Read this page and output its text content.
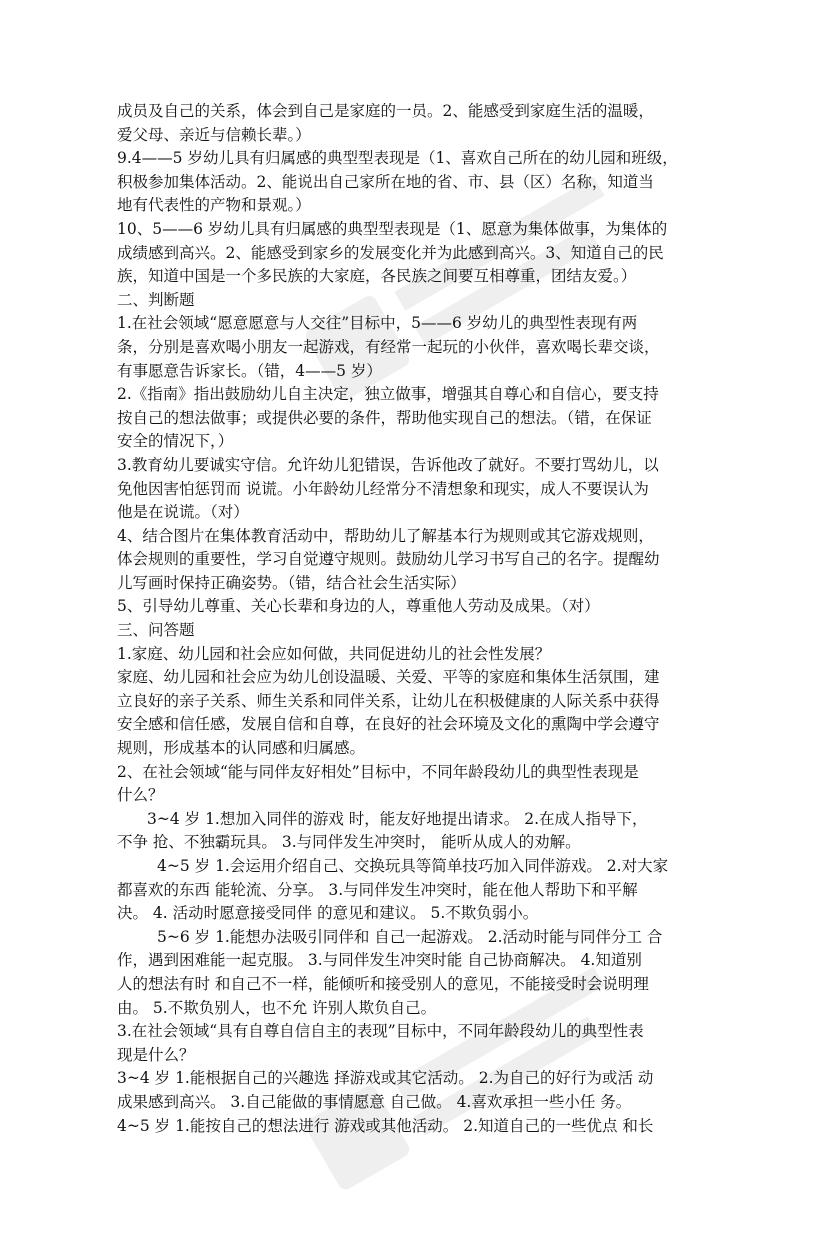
成员及自己的关系，体会到自己是家庭的一员。2、能感受到家庭生活的温暖，
爱父母、亲近与信赖长辈。）
9.4——5 岁幼儿具有归属感的典型型表现是（1、喜欢自己所在的幼儿园和班级，
积极参加集体活动。2、能说出自己家所在地的省、市、县（区）名称，知道当
地有代表性的产物和景观。）
10、5——6 岁幼儿具有归属感的典型型表现是（1、愿意为集体做事，为集体的
成绩感到高兴。2、能感受到家乡的发展变化并为此感到高兴。3、知道自己的民
族，知道中国是一个多民族的大家庭，各民族之间要互相尊重，团结友爱。）
二、判断题
1.在社会领域“愿意愿意与人交往”目标中，5——6 岁幼儿的典型性表现有两
条，分别是喜欢喝小朋友一起游戏，有经常一起玩的小伙伴，喜欢喝长辈交谈，
有事愿意告诉家长。（错，4——5 岁）
2.《指南》指出鼓励幼儿自主决定，独立做事，增强其自尊心和自信心，要支持
按自己的想法做事；或提供必要的条件，帮助他实现自己的想法。（错，在保证
安全的情况下，）
3.教育幼儿要诚实守信。允许幼儿犯错误，告诉他改了就好。不要打骂幼儿，以
免他因害怕惩罚而 说谎。小年龄幼儿经常分不清想象和现实，成人不要误认为
他是在说谎。（对）
4、结合图片在集体教育活动中，帮助幼儿了解基本行为规则或其它游戏规则，
体会规则的重要性，学习自觉遵守规则。鼓励幼儿学习书写自己的名字。提醒幼
儿写画时保持正确姿势。（错，结合社会生活实际）
5、引导幼儿尊重、关心长辈和身边的人，尊重他人劳动及成果。（对）
三、问答题
1.家庭、幼儿园和社会应如何做，共同促进幼儿的社会性发展？
家庭、幼儿园和社会应为幼儿创设温暖、关爱、平等的家庭和集体生活氛围，建
立良好的亲子关系、师生关系和同伴关系，让幼儿在积极健康的人际关系中获得
安全感和信任感，发展自信和自尊，在良好的社会环境及文化的熏陶中学会遵守
规则，形成基本的认同感和归属感。
2、在社会领域“能与同伴友好相处”目标中，不同年龄段幼儿的典型性表现是
什么？
3~4 岁 1.想加入同伴的游戏 时，能友好地提出请求。 2.在成人指导下，
不争 抢、不独霸玩具。 3.与同伴发生冲突时， 能听从成人的劝解。
4~5 岁 1.会运用介绍自己、交换玩具等简单技巧加入同伴游戏。 2.对大家
都喜欢的东西 能轮流、分享。 3.与同伴发生冲突时，能在他人帮助下和平解
决。 4. 活动时愿意接受同伴 的意见和建议。 5.不欺负弱小。
5~6 岁 1.能想办法吸引同伴和 自己一起游戏。 2.活动时能与同伴分工 合
作，遇到困难能一起克服。 3.与同伴发生冲突时能 自己协商解决。 4.知道别
人的想法有时 和自己不一样，能倾听和接受别人的意见，不能接受时会说明理
由。 5.不欺负别人，也不允 许别人欺负自己。
3.在社会领域“具有自尊自信自主的表现”目标中，不同年龄段幼儿的典型性表
现是什么？
3~4 岁 1.能根据自己的兴趣选 择游戏或其它活动。 2.为自己的好行为或活 动
成果感到高兴。 3.自己能做的事情愿意 自己做。 4.喜欢承担一些小任 务。
4~5 岁 1.能按自己的想法进行 游戏或其他活动。 2.知道自己的一些优点 和长
